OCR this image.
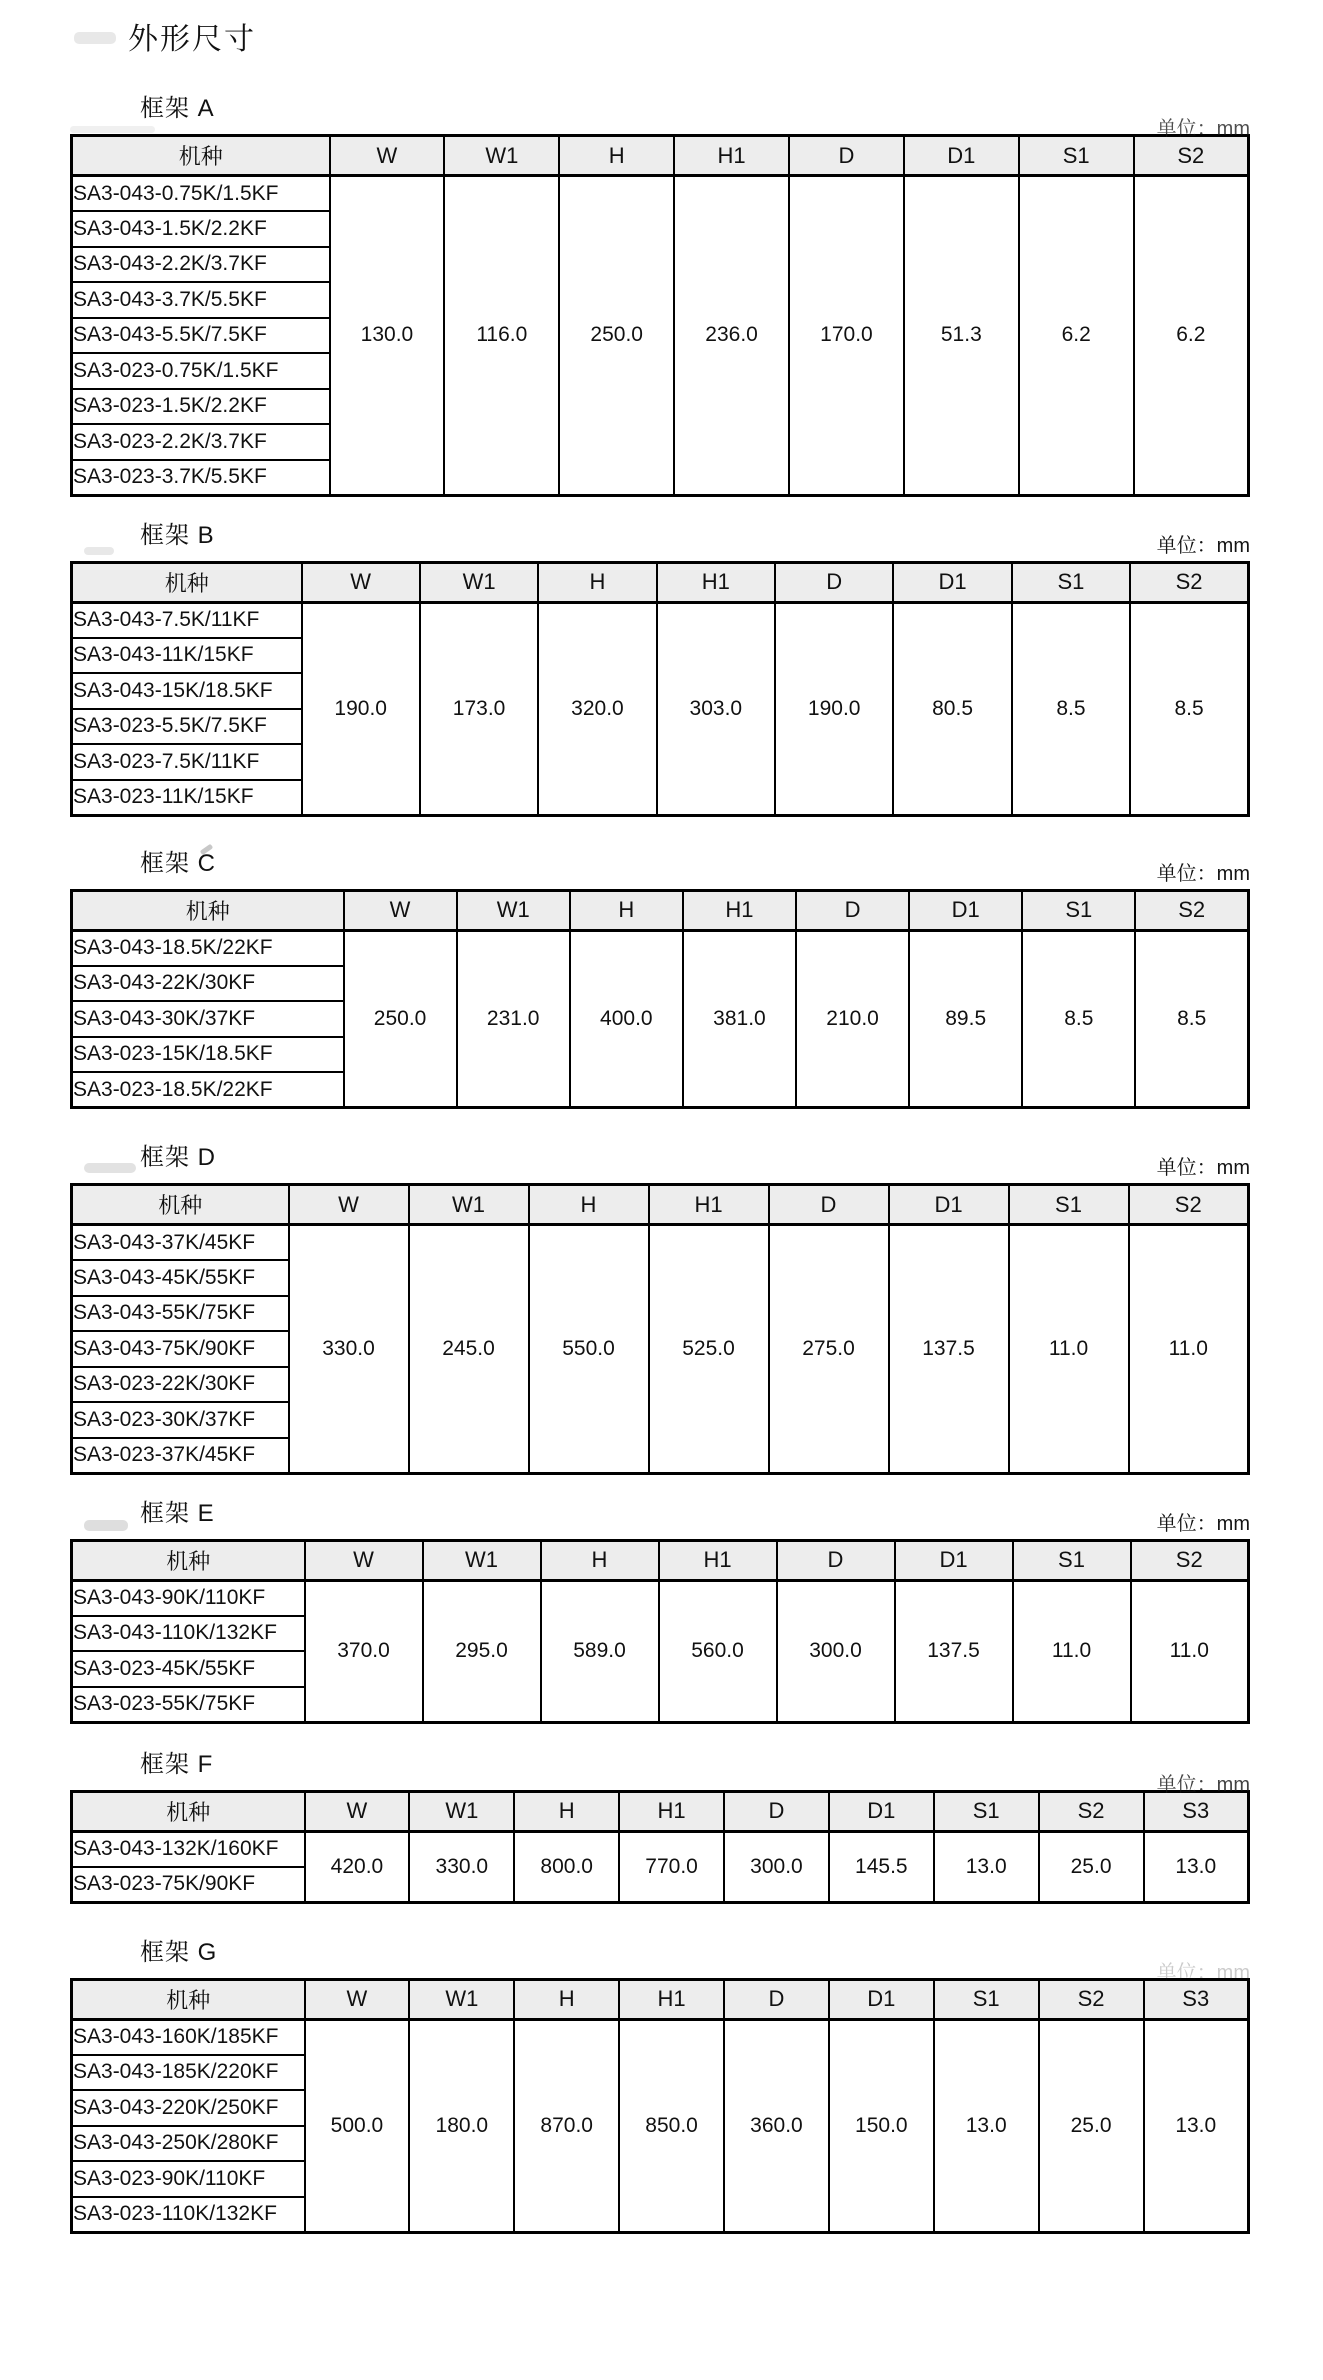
外形尺寸
框架 A
单位：mm
机种	W	W1	H	H1	D	D1	S1	S2
SA3-043-0.75K/1.5KF	130.0	116.0	250.0	236.0	170.0	51.3	6.2	6.2
SA3-043-1.5K/2.2KF								
SA3-043-2.2K/3.7KF								
SA3-043-3.7K/5.5KF								
SA3-043-5.5K/7.5KF								
SA3-023-0.75K/1.5KF								
SA3-023-1.5K/2.2KF								
SA3-023-2.2K/3.7KF								
SA3-023-3.7K/5.5KF								
框架 B	单位：mm
机种	W	W1	H	H1	D	D1	S1	S2
SA3-043-7.5K/11KF	190.0	173.0	320.0	303.0	190.0	80.5	8.5	8.5
SA3-043-11K/15KF								
SA3-043-15K/18.5KF								
SA3-023-5.5K/7.5KF								
SA3-023-7.5K/11KF								
SA3-023-11K/15KF								
框架 C	单位：mm
机种	W	W1	H	H1	D	D1	S1	S2
SA3-043-18.5K/22KF	250.0	231.0	400.0	381.0	210.0	89.5	8.5	8.5
SA3-043-22K/30KF								
SA3-043-30K/37KF								
SA3-023-15K/18.5KF								
SA3-023-18.5K/22KF								
框架 D	单位：mm
机种	W	W1	H	H1	D	D1	S1	S2
SA3-043-37K/45KF	330.0	245.0	550.0	525.0	275.0	137.5	11.0	11.0
SA3-043-45K/55KF								
SA3-043-55K/75KF								
SA3-043-75K/90KF								
SA3-023-22K/30KF								
SA3-023-30K/37KF								
SA3-023-37K/45KF								
框架 E	单位：mm
机种	W	W1	H	H1	D	D1	S1	S2
SA3-043-90K/110KF	370.0	295.0	589.0	560.0	300.0	137.5	11.0	11.0
SA3-043-110K/132KF								
SA3-023-45K/55KF								
SA3-023-55K/75KF								
框架 F
单位：mm
机种	W	W1	H	H1	D	D1	S1	S2	S3
SA3-043-132K/160KF	420.0	330.0	800.0	770.0	300.0	145.5	13.0	25.0	13.0
SA3-023-75K/90KF									
框架 G
单位：mm
机种	W	W1	H	H1	D	D1	S1	S2	S3
SA3-043-160K/185KF	500.0	180.0	870.0	850.0	360.0	150.0	13.0	25.0	13.0
SA3-043-185K/220KF									
SA3-043-220K/250KF									
SA3-043-250K/280KF									
SA3-023-90K/110KF									
SA3-023-110K/132KF									
